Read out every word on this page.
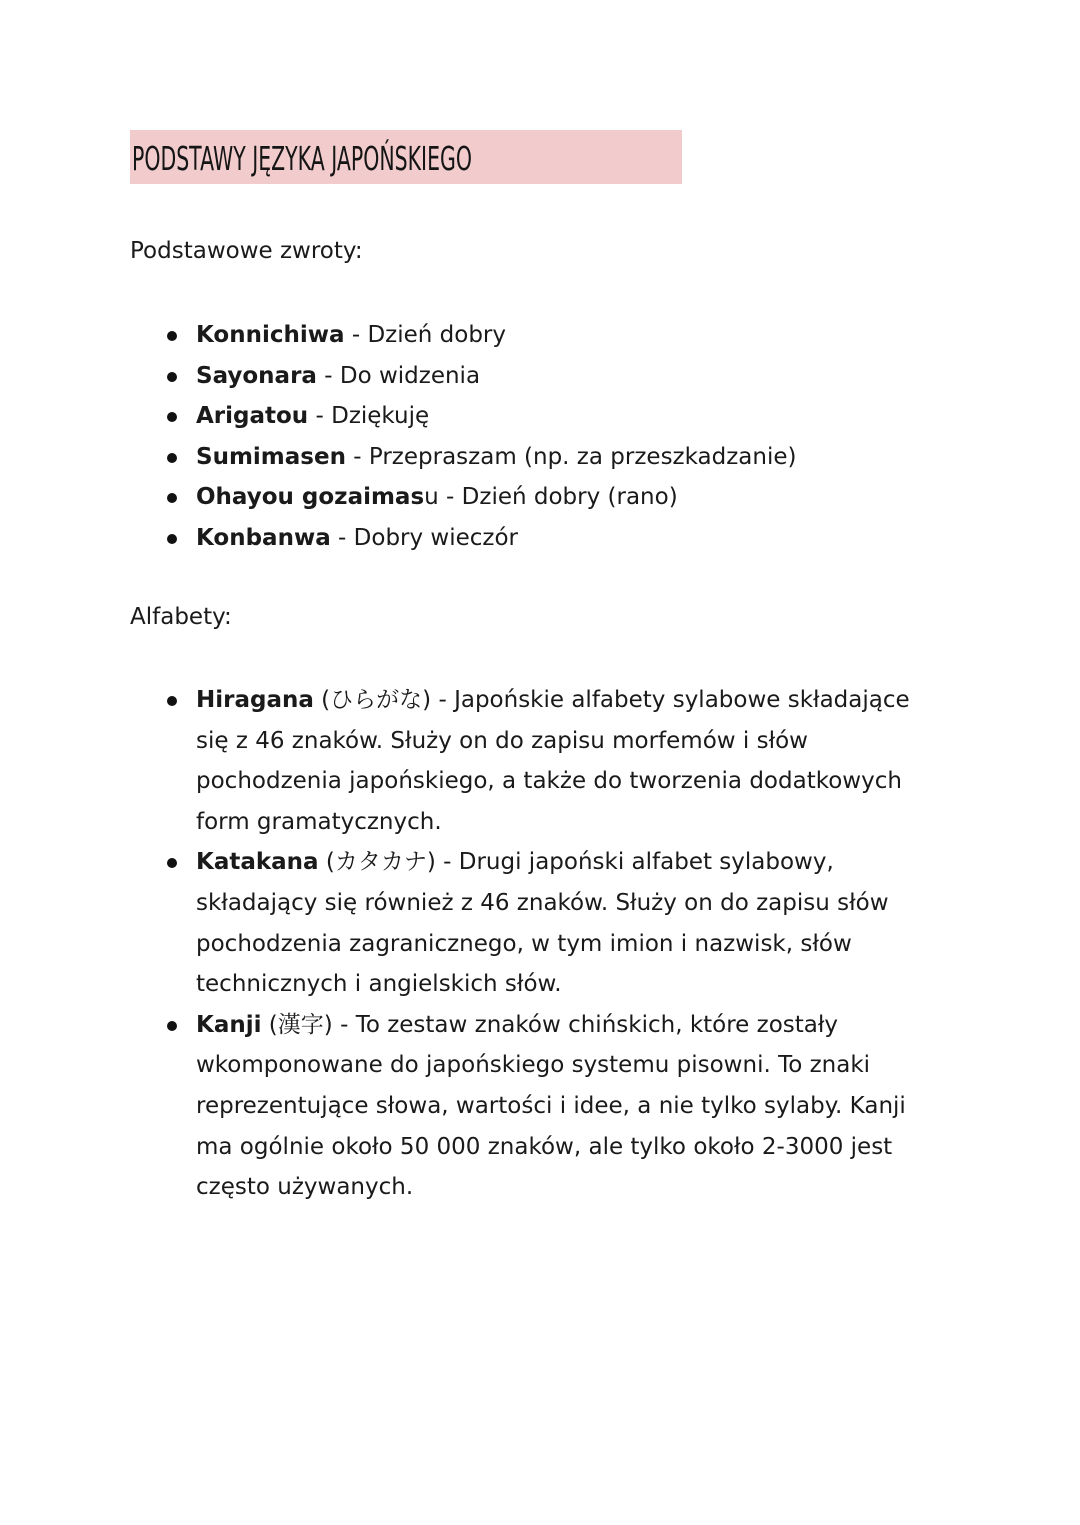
PODSTAWY JĘZYKA JAPOŃSKIEGO
Podstawowe zwroty:
Konnichiwa - Dzień dobry
Sayonara - Do widzenia
Arigatou - Dziękuję
Sumimasen - Przepraszam (np. za przeszkadzanie)
Ohayou gozaimasu - Dzień dobry (rano)
Konbanwa - Dobry wieczór
Alfabety:
Hiragana (ひらがな) - Japońskie alfabety sylabowe składające się z 46 znaków. Służy on do zapisu morfemów i słów pochodzenia japońskiego, a także do tworzenia dodatkowych form gramatycznych.
Katakana (カタカナ) - Drugi japoński alfabet sylabowy, składający się również z 46 znaków. Służy on do zapisu słów pochodzenia zagranicznego, w tym imion i nazwisk, słów technicznych i angielskich słów.
Kanji (漢字) - To zestaw znaków chińskich, które zostały wkomponowane do japońskiego systemu pisowni. To znaki reprezentujące słowa, wartości i idee, a nie tylko sylaby. Kanji ma ogólnie około 50 000 znaków, ale tylko około 2-3000 jest często używanych.
